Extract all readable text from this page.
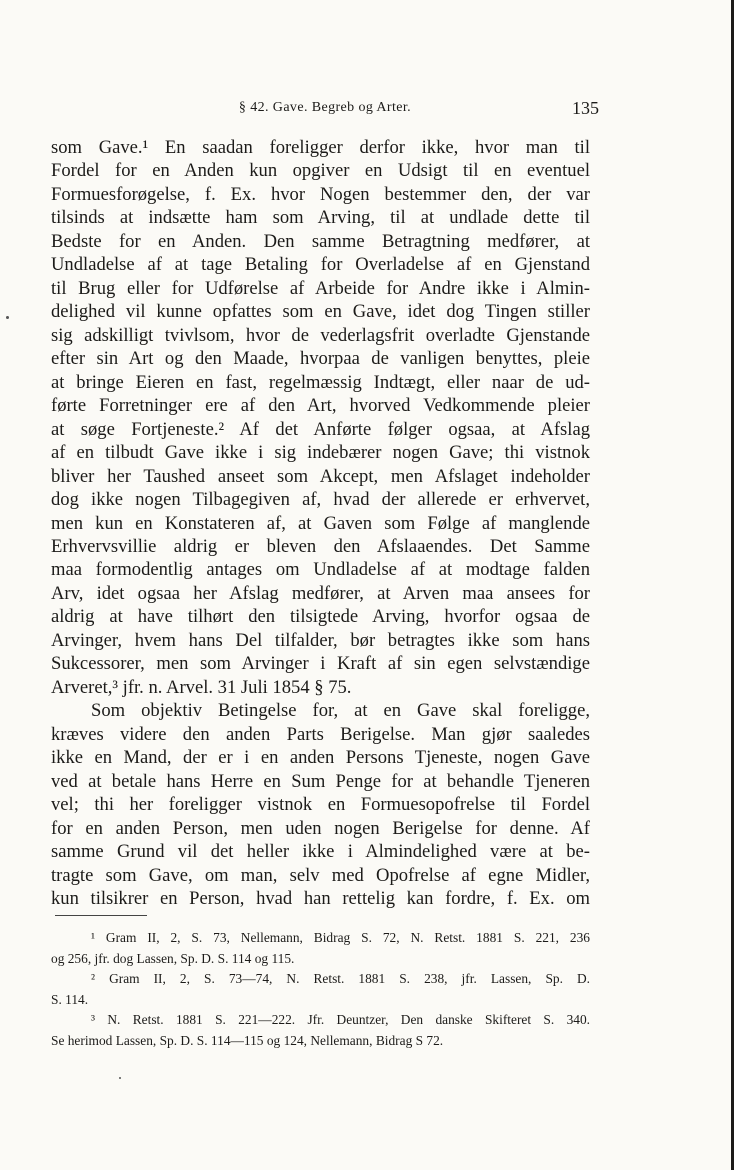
§ 42. Gave. Begreb og Arter.	135
som Gave.¹ En saadan foreligger derfor ikke, hvor man til
Fordel for en Anden kun opgiver en Udsigt til en eventuel
Formuesforøgelse, f. Ex. hvor Nogen bestemmer den, der var
tilsinds at indsætte ham som Arving, til at undlade dette til
Bedste for en Anden. Den samme Betragtning medfører, at
Undladelse af at tage Betaling for Overladelse af en Gjenstand
til Brug eller for Udførelse af Arbeide for Andre ikke i Almin-
delighed vil kunne opfattes som en Gave, idet dog Tingen stiller
sig adskilligt tvivlsom, hvor de vederlagsfrit overladte Gjenstande
efter sin Art og den Maade, hvorpaa de vanligen benyttes, pleie
at bringe Eieren en fast, regelmæssig Indtægt, eller naar de ud-
førte Forretninger ere af den Art, hvorved Vedkommende pleier
at søge Fortjeneste.² Af det Anførte følger ogsaa, at Afslag
af en tilbudt Gave ikke i sig indebærer nogen Gave; thi vistnok
bliver her Taushed anseet som Akcept, men Afslaget indeholder
dog ikke nogen Tilbagegiven af, hvad der allerede er erhvervet,
men kun en Konstateren af, at Gaven som Følge af manglende
Erhvervsvillie aldrig er bleven den Afslaaendes. Det Samme
maa formodentlig antages om Undladelse af at modtage falden
Arv, idet ogsaa her Afslag medfører, at Arven maa ansees for
aldrig at have tilhørt den tilsigtede Arving, hvorfor ogsaa de
Arvinger, hvem hans Del tilfalder, bør betragtes ikke som hans
Sukcessorer, men som Arvinger i Kraft af sin egen selvstændige
Arveret,³ jfr. n. Arvel. 31 Juli 1854 § 75.
Som objektiv Betingelse for, at en Gave skal foreligge,
kræves videre den anden Parts Berigelse. Man gjør saaledes
ikke en Mand, der er i en anden Persons Tjeneste, nogen Gave
ved at betale hans Herre en Sum Penge for at behandle Tjeneren
vel; thi her foreligger vistnok en Formuesopofrelse til Fordel
for en anden Person, men uden nogen Berigelse for denne. Af
samme Grund vil det heller ikke i Almindelighed være at be-
tragte som Gave, om man, selv med Opofrelse af egne Midler,
kun tilsikrer en Person, hvad han rettelig kan fordre, f. Ex. om
¹ Gram II, 2, S. 73, Nellemann, Bidrag S. 72, N. Retst. 1881 S. 221, 236
og 256, jfr. dog Lassen, Sp. D. S. 114 og 115.
² Gram II, 2, S. 73—74, N. Retst. 1881 S. 238, jfr. Lassen, Sp. D.
S. 114.
³ N. Retst. 1881 S. 221—222. Jfr. Deuntzer, Den danske Skifteret S. 340.
Se herimod Lassen, Sp. D. S. 114—115 og 124, Nellemann, Bidrag S 72.
